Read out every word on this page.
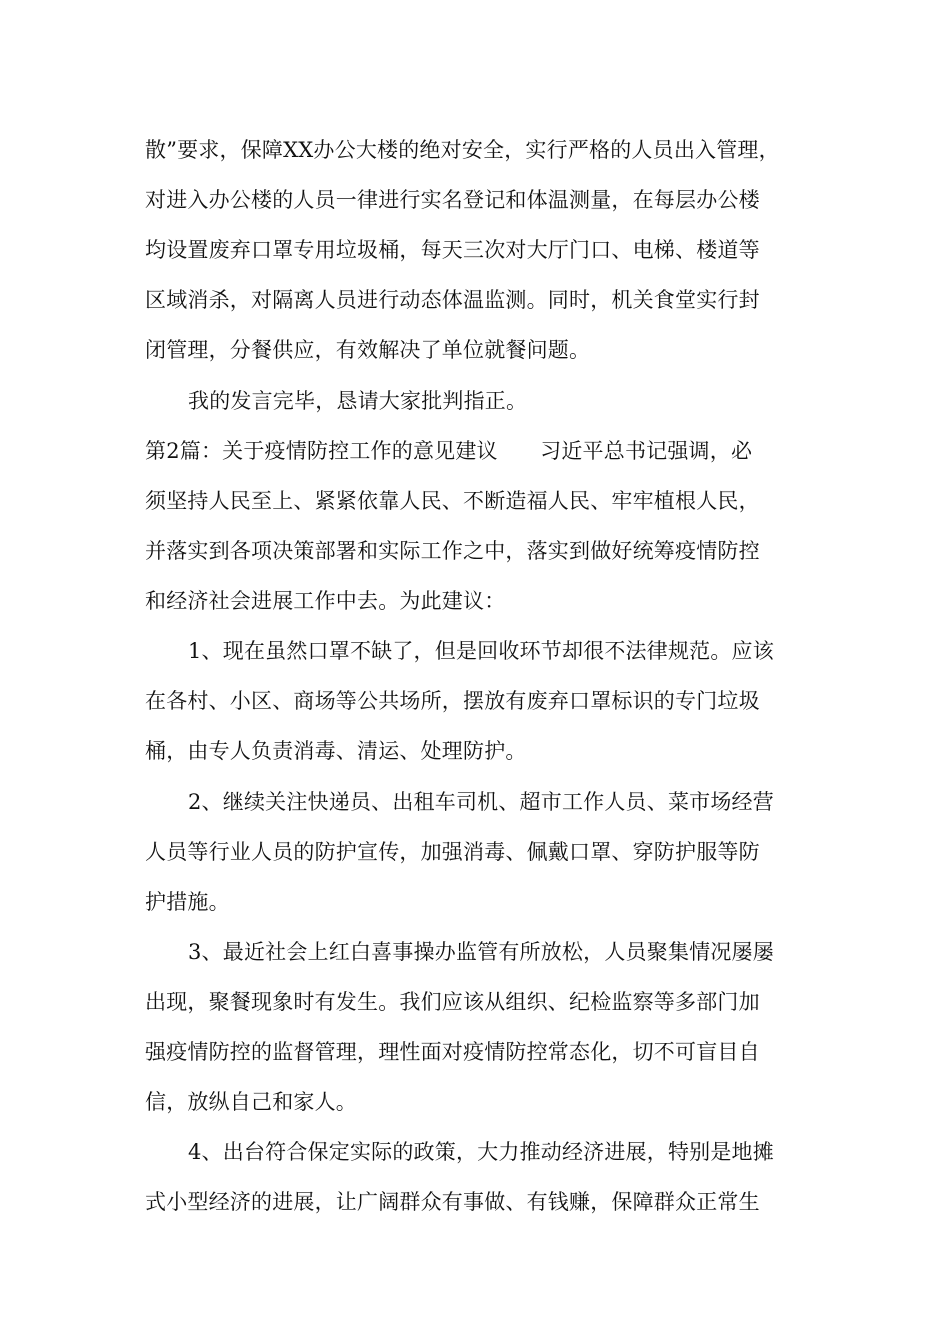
散”要求，保障XX办公大楼的绝对安全，实行严格的人员出入管理，
对进入办公楼的人员一律进行实名登记和体温测量，在每层办公楼
均设置废弃口罩专用垃圾桶，每天三次对大厅门口、电梯、楼道等
区域消杀，对隔离人员进行动态体温监测。同时，机关食堂实行封
闭管理，分餐供应，有效解决了单位就餐问题。
我的发言完毕，恳请大家批判指正。
第2篇：关于疫情防控工作的意见建议　　习近平总书记强调，必
须坚持人民至上、紧紧依靠人民、不断造福人民、牢牢植根人民，
并落实到各项决策部署和实际工作之中，落实到做好统筹疫情防控
和经济社会进展工作中去。为此建议：
1、现在虽然口罩不缺了，但是回收环节却很不法律规范。应该
在各村、小区、商场等公共场所，摆放有废弃口罩标识的专门垃圾
桶，由专人负责消毒、清运、处理防护。
2、继续关注快递员、出租车司机、超市工作人员、菜市场经营
人员等行业人员的防护宣传，加强消毒、佩戴口罩、穿防护服等防
护措施。
3、最近社会上红白喜事操办监管有所放松，人员聚集情况屡屡
出现，聚餐现象时有发生。我们应该从组织、纪检监察等多部门加
强疫情防控的监督管理，理性面对疫情防控常态化，切不可盲目自
信，放纵自己和家人。
4、出台符合保定实际的政策，大力推动经济进展，特别是地摊
式小型经济的进展，让广阔群众有事做、有钱赚，保障群众正常生
